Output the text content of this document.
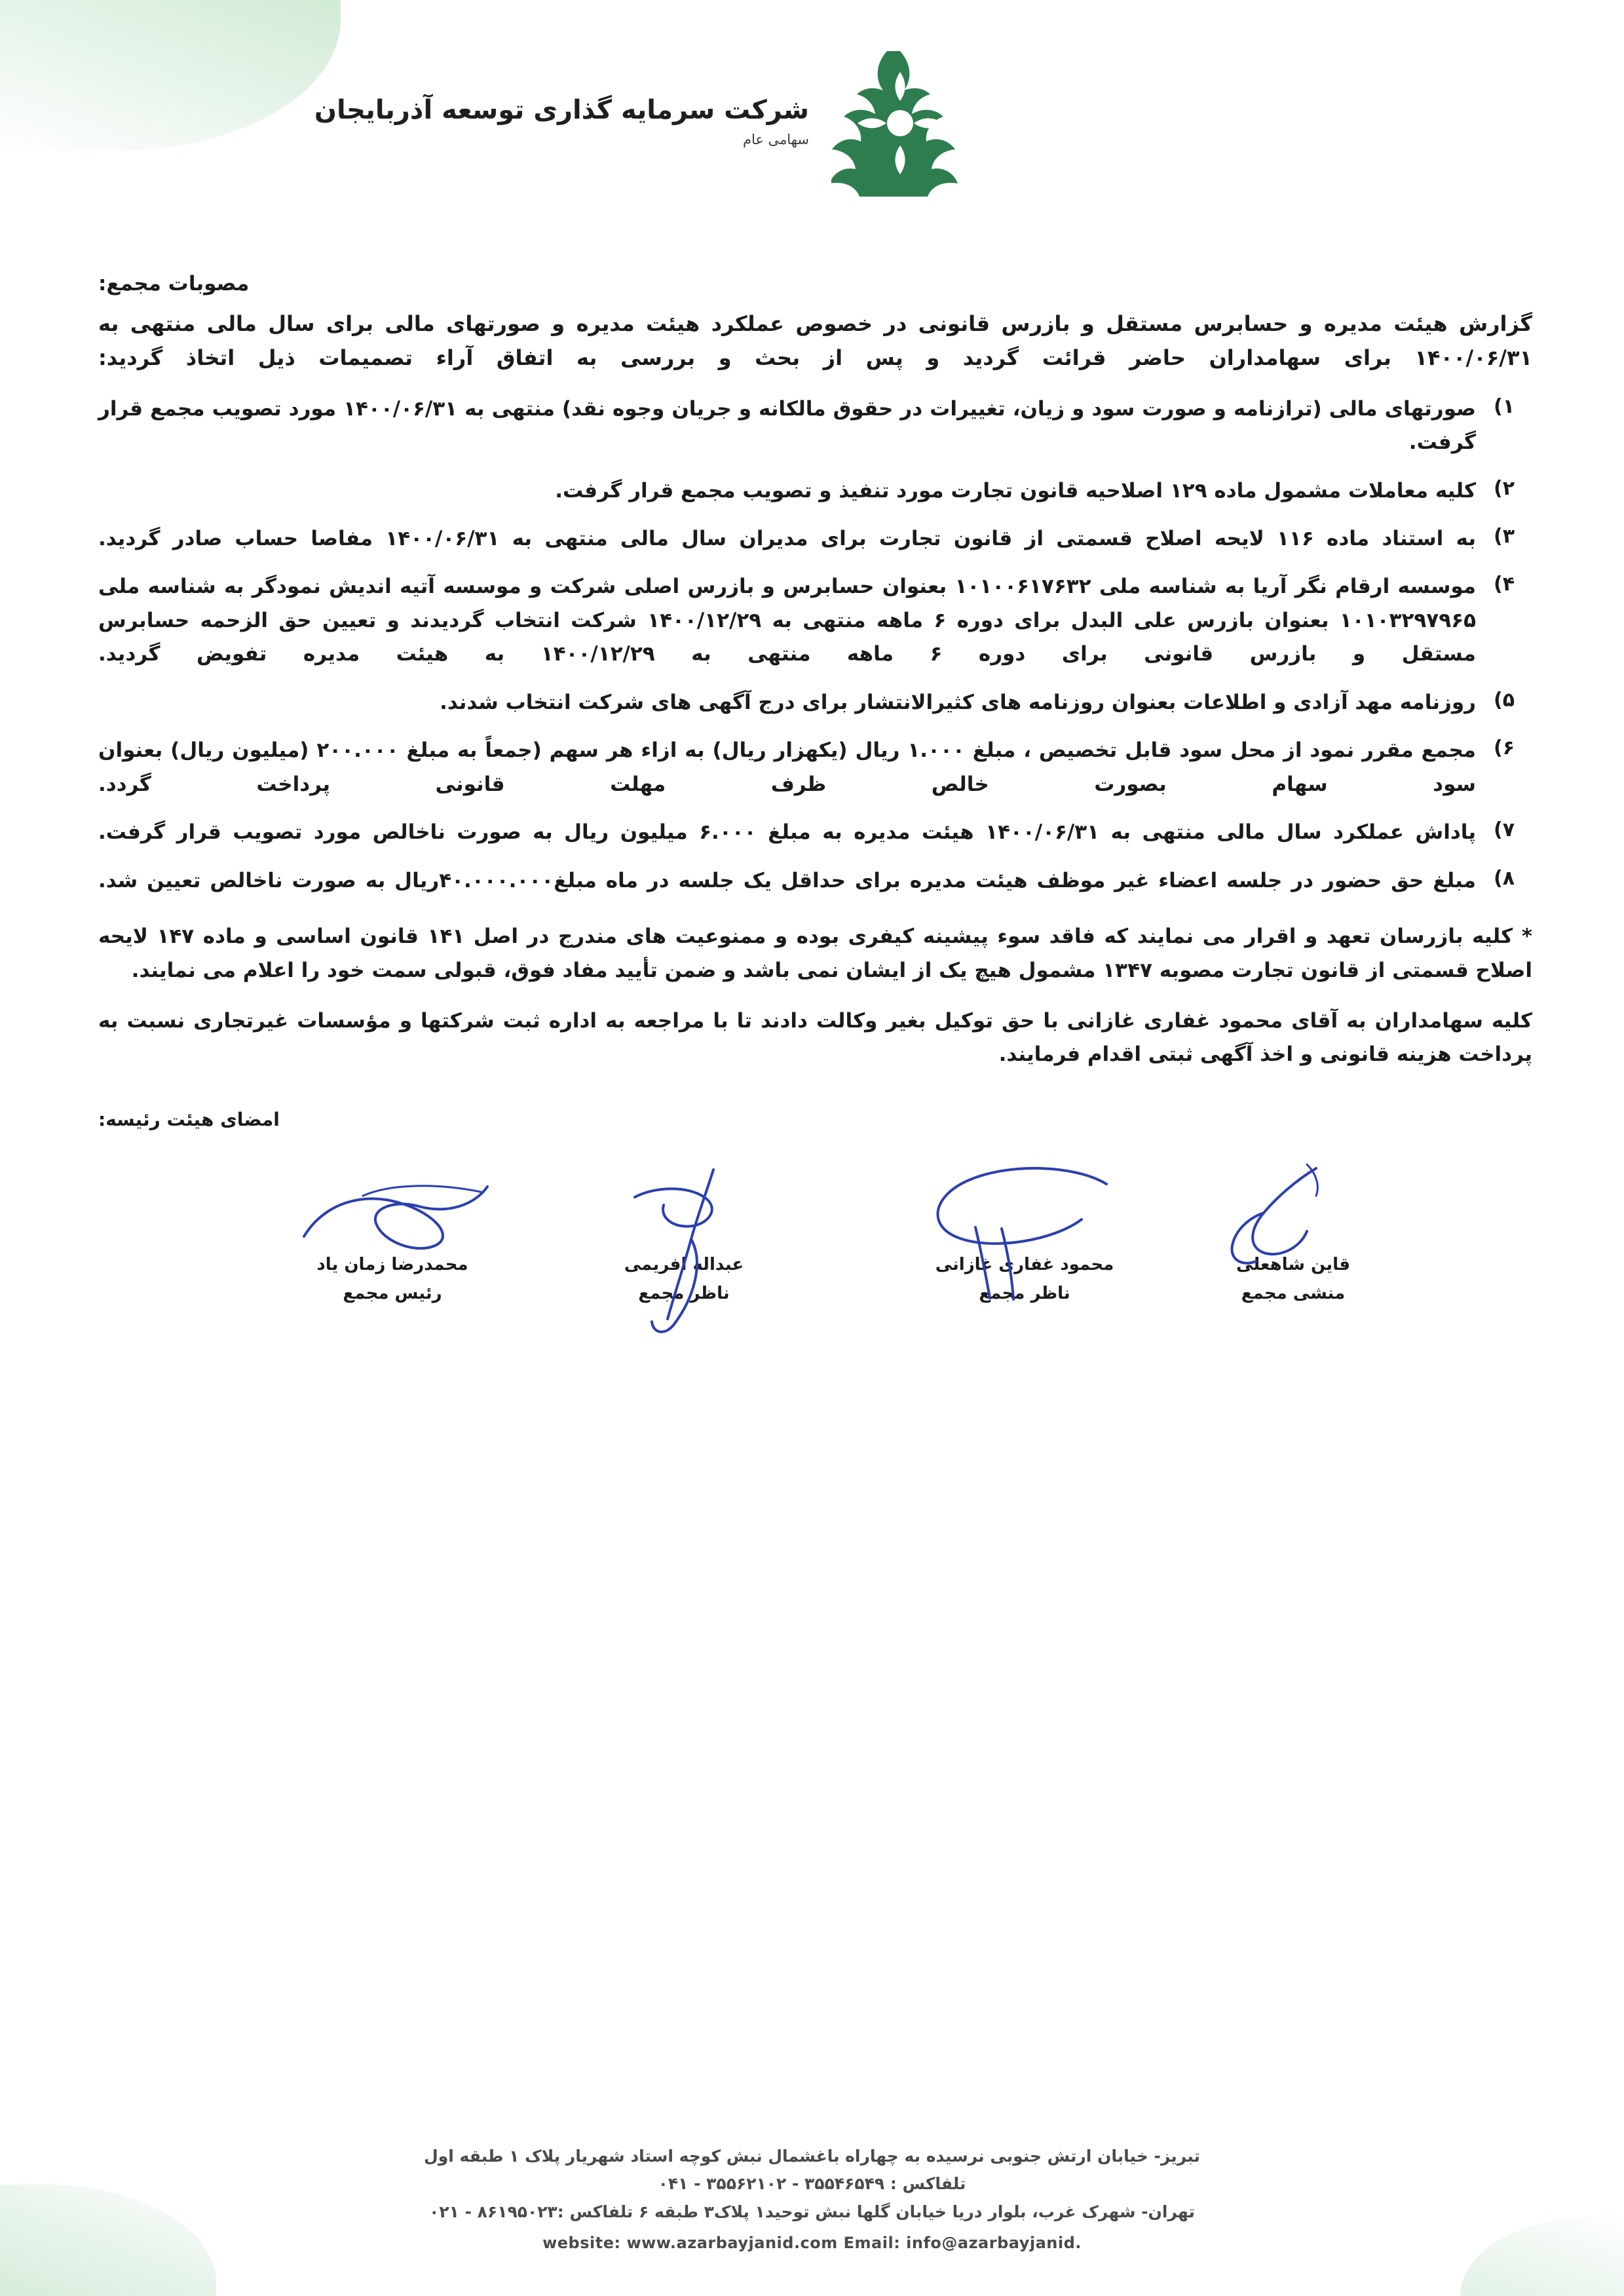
شرکت سرمایه گذاری توسعه آذربایجان
سهامی عام
مصوبات مجمع:
گزارش هیئت مدیره و حسابرس مستقل و بازرس قانونی در خصوص عملکرد هیئت مدیره و صورتهای مالی برای سال مالی منتهی به ۱۴۰۰/۰۶/۳۱ برای سهامداران حاضر قرائت گردید و پس از بحث و بررسی به اتفاق آراء تصمیمات ذیل اتخاذ گردید:
۱)
صورتهای مالی (ترازنامه و صورت سود و زیان، تغییرات در حقوق مالکانه و جریان وجوه نقد) منتهی به ۱۴۰۰/۰۶/۳۱ مورد تصویب مجمع قرار گرفت.
۲)
کلیه معاملات مشمول ماده ۱۲۹ اصلاحیه قانون تجارت مورد تنفیذ و تصویب مجمع قرار گرفت.
۳)
به استناد ماده ۱۱۶ لایحه اصلاح قسمتی از قانون تجارت برای مدیران سال مالی منتهی به ۱۴۰۰/۰۶/۳۱ مفاصا حساب صادر گردید.
۴)
موسسه ارقام نگر آریا به شناسه ملی ۱۰۱۰۰۶۱۷۶۳۲ بعنوان حسابرس و بازرس اصلی شرکت و موسسه آتیه اندیش نمودگر به شناسه ملی ۱۰۱۰۳۲۹۷۹۶۵ بعنوان بازرس علی البدل برای دوره ۶ ماهه منتهی به ۱۴۰۰/۱۲/۲۹ شرکت انتخاب گردیدند و تعیین حق الزحمه حسابرس مستقل و بازرس قانونی برای دوره ۶ ماهه منتهی به ۱۴۰۰/۱۲/۲۹ به هیئت مدیره تفویض گردید.
۵)
روزنامه مهد آزادی و اطلاعات بعنوان روزنامه های کثیرالانتشار برای درج آگهی های شرکت انتخاب شدند.
۶)
مجمع مقرر نمود از محل سود قابل تخصیص ، مبلغ ۱.۰۰۰ ریال (یکهزار ریال) به ازاء هر سهم (جمعاً به مبلغ ۲۰۰.۰۰۰ (میلیون ریال) بعنوان سود سهام بصورت خالص ظرف مهلت قانونی پرداخت گردد.
۷)
پاداش عملکرد سال مالی منتهی به ۱۴۰۰/۰۶/۳۱ هیئت مدیره به مبلغ ۶.۰۰۰ میلیون ریال به صورت ناخالص مورد تصویب قرار گرفت.
۸)
مبلغ حق حضور در جلسه اعضاء غیر موظف هیئت مدیره برای حداقل یک جلسه در ماه مبلغ۴۰.۰۰۰.۰۰۰ریال به صورت ناخالص تعیین شد.
* کلیه بازرسان تعهد و اقرار می نمایند که فاقد سوء پیشینه کیفری بوده و ممنوعیت های مندرج در اصل ۱۴۱ قانون اساسی و ماده ۱۴۷ لایحه اصلاح قسمتی از قانون تجارت مصوبه ۱۳۴۷ مشمول هیچ یک از ایشان نمی باشد و ضمن تأیید مفاد فوق، قبولی سمت خود را اعلام می نمایند.
کلیه سهامداران به آقای محمود غفاری غازانی با حق توکیل بغیر وکالت دادند تا با مراجعه به اداره ثبت شرکتها و مؤسسات غیرتجاری نسبت به پرداخت هزینه قانونی و اخذ آگهی ثبتی اقدام فرمایند.
امضای هیئت رئیسه:
محمدرضا زمان یاد
رئیس مجمع
عبداله افریمی
ناظر مجمع
محمود غفاری غازانی
ناظر مجمع
قاین شاهعلی
منشی مجمع
تبریز- خیابان ارتش جنوبی نرسیده به چهاراه باغشمال نبش کوچه استاد شهریار پلاک ۱ طبقه اول
تلفاکس : ۳۵۵۴۶۵۴۹ - ۳۵۵۶۲۱۰۲ - ۰۴۱
تهران- شهرک غرب، بلوار دریا خیابان گلها نبش توحید۱ پلاک۳ طبقه ۶ تلفاکس :۸۶۱۹۵۰۲۳ - ۰۲۱
website: www.azarbayjanid.com Email: info@azarbayjanid.
